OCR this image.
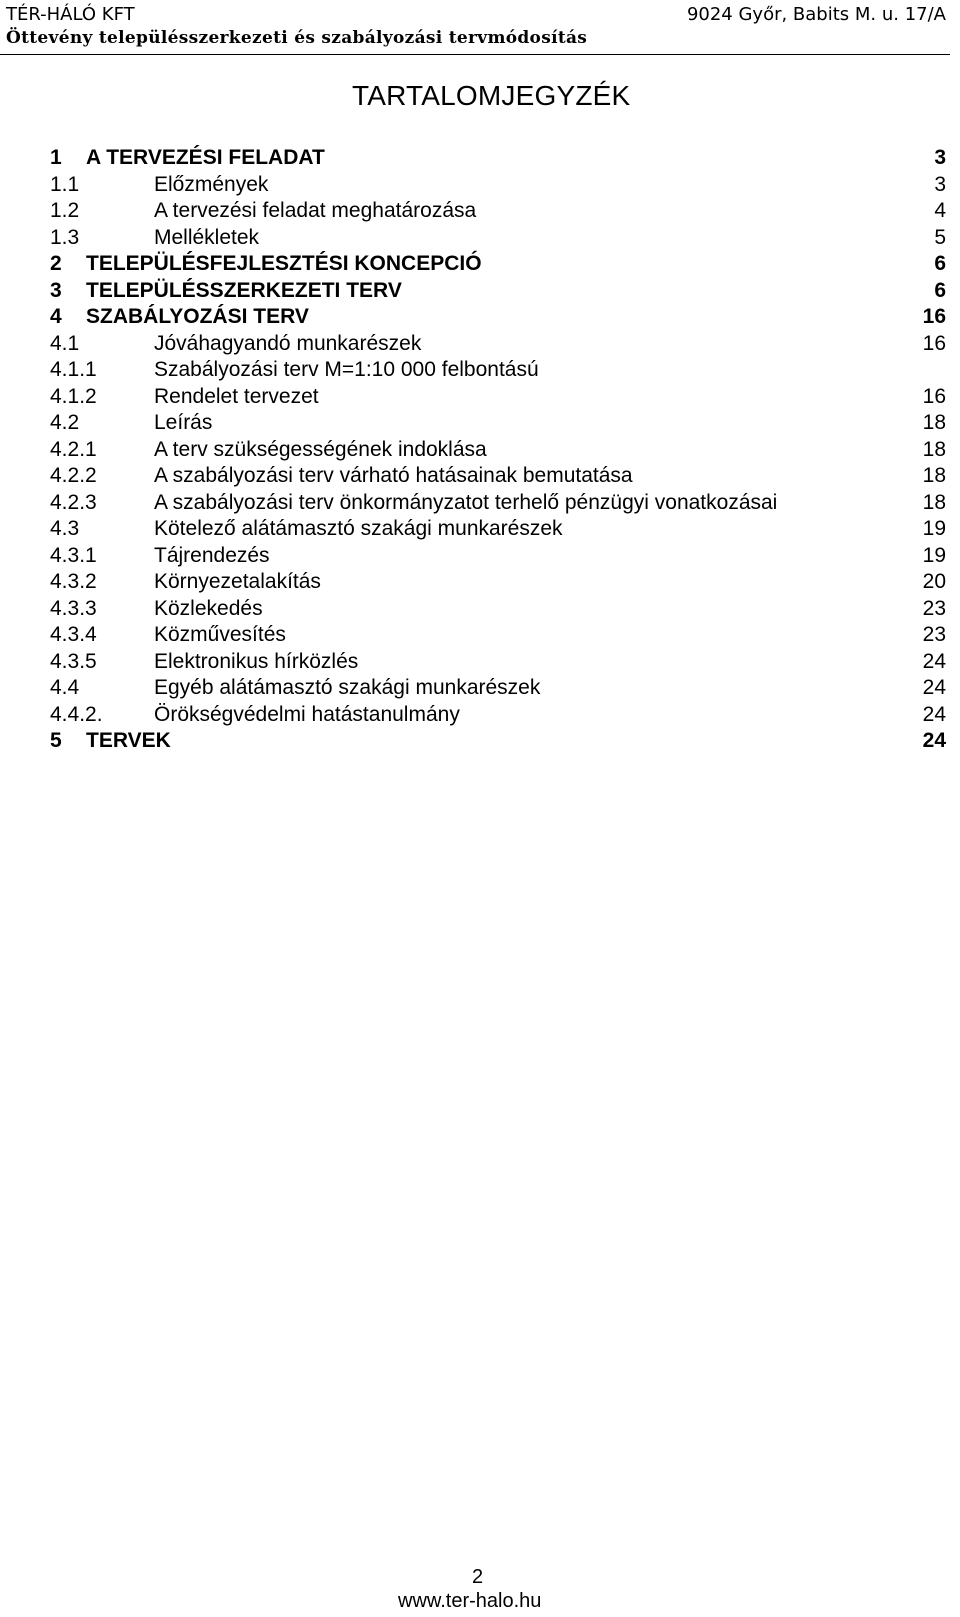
TÉR-HÁLÓ KFT	9024 Győr, Babits M. u. 17/A
Öttevény településszerkezeti és szabályozási tervmódosítás
TARTALOMJEGYZÉK
1 A TERVEZÉSI FELADAT	3
1.1	Előzmények	3
1.2	A tervezési feladat meghatározása	4
1.3	Mellékletek	5
2 TELEPÜLÉSFEJLESZTÉSI KONCEPCIÓ	6
3 TELEPÜLÉSSZERKEZETI TERV	6
4 SZABÁLYOZÁSI TERV	16
4.1	Jóváhagyandó munkarészek	16
4.1.1	Szabályozási terv M=1:10 000 felbontású
4.1.2	Rendelet tervezet	16
4.2	Leírás	18
4.2.1	A terv szükségességének indoklása	18
4.2.2	A szabályozási terv várható hatásainak bemutatása	18
4.2.3	A szabályozási terv önkormányzatot terhelő pénzügyi vonatkozásai	18
4.3	Kötelező alátámasztó szakági munkarészek	19
4.3.1	Tájrendezés	19
4.3.2	Környezetalakítás	20
4.3.3	Közlekedés	23
4.3.4	Közművesítés	23
4.3.5	Elektronikus hírközlés	24
4.4	Egyéb alátámasztó szakági munkarészek	24
4.4.2. Örökségvédelmi hatástanulmány	24
5 TERVEK	24
2
www.ter-halo.hu
